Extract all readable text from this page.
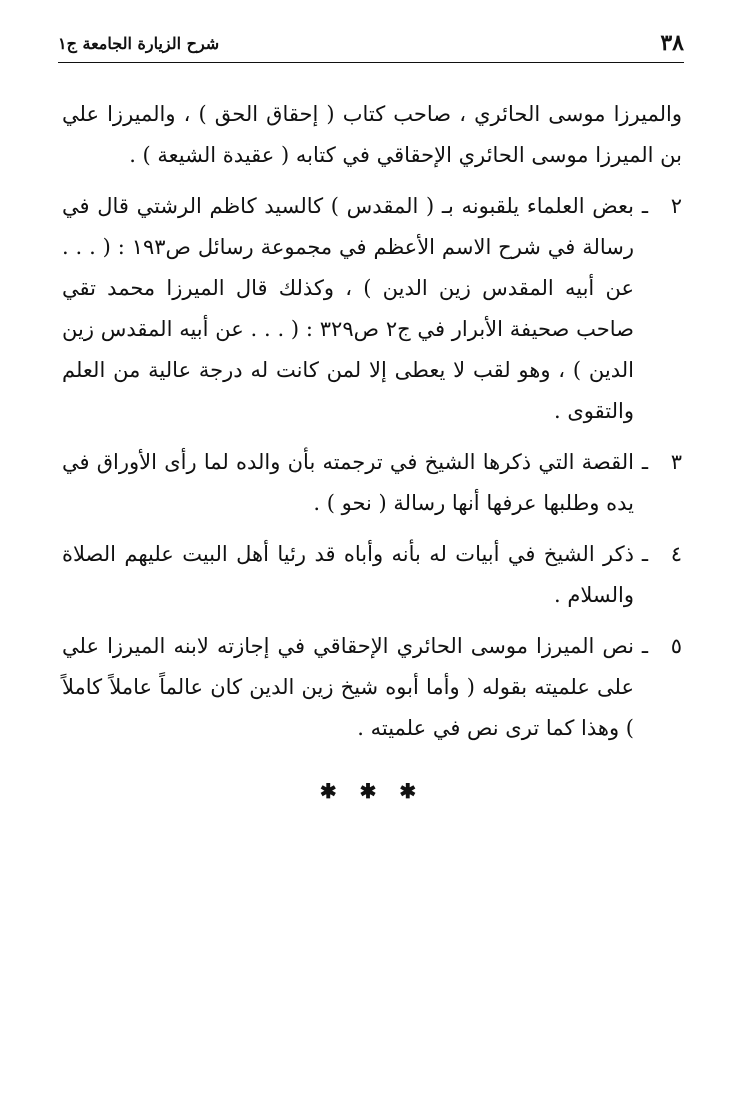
٣٨
شرح الزيارة الجامعة ج١

والميرزا موسى الحائري ، صاحب كتاب ( إحقاق الحق ) ، والميرزا علي بن الميرزا موسى الحائري الإحقاقي في كتابه ( عقيدة الشيعة ) .

٢
ـ
بعض العلماء يلقبونه بـ ( المقدس ) كالسيد كاظم الرشتي قال في رسالة في شرح الاسم الأعظم في مجموعة رسائل ص١٩٣ : ( . . . عن أبيه المقدس زين الدين ) ، وكذلك قال الميرزا محمد تقي صاحب صحيفة الأبرار في ج٢ ص٣٢٩ : ( . . . عن أبيه المقدس زين الدين ) ، وهو لقب لا يعطى إلا لمن كانت له درجة عالية من العلم والتقوى .
٣
ـ
القصة التي ذكرها الشيخ في ترجمته بأن والده لما رأى الأوراق في يده وطلبها عرفها أنها رسالة ( نحو ) .
٤
ـ
ذكر الشيخ في أبيات له بأنه وأباه قد رئيا أهل البيت عليهم الصلاة والسلام .
٥
ـ
نص الميرزا موسى الحائري الإحقاقي في إجازته لابنه الميرزا علي على علميته بقوله ( وأما أبوه شيخ زين الدين كان عالماً عاملاً كاملاً ) وهذا كما ترى نص في علميته .
✱ ✱ ✱
